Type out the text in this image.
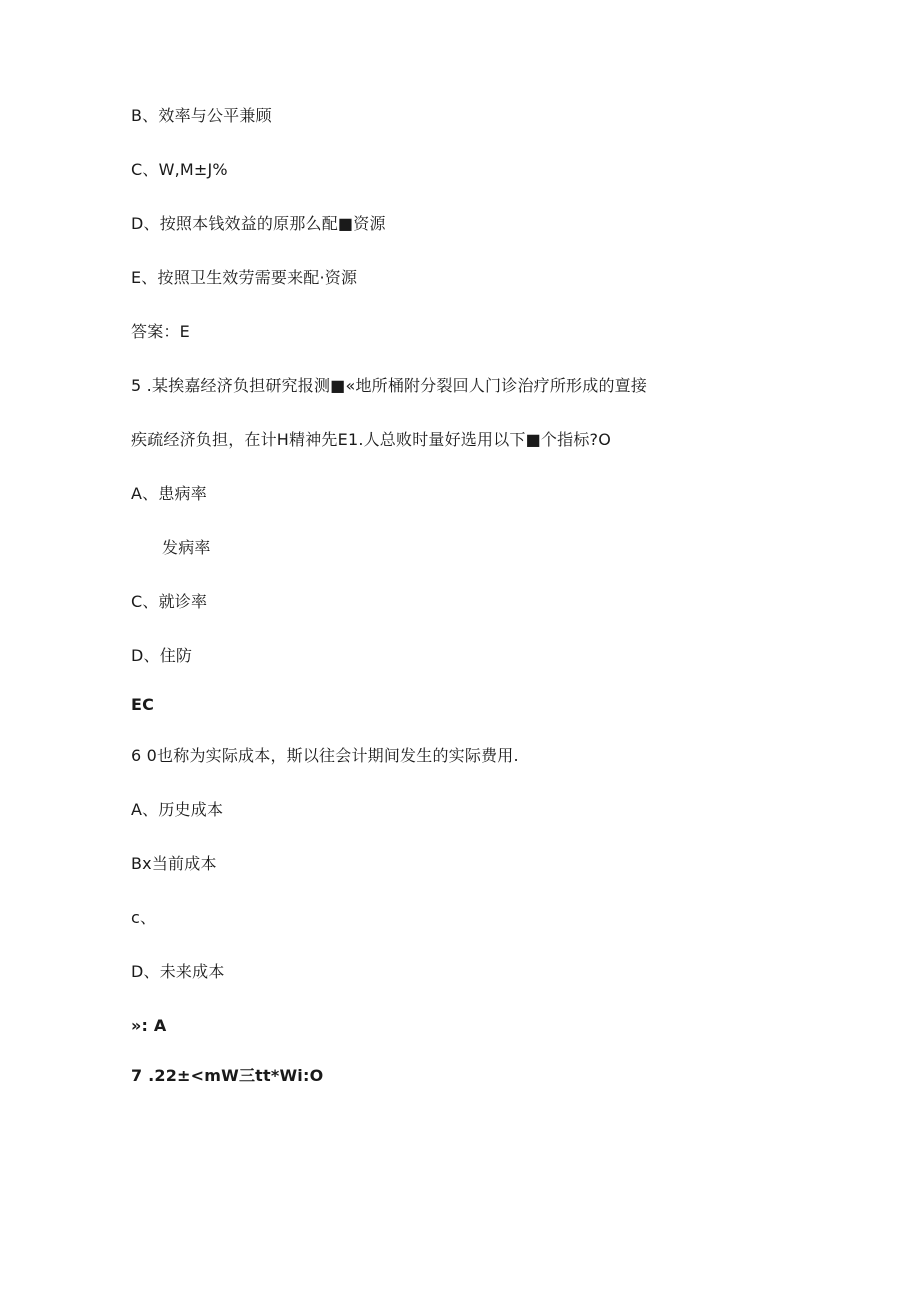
B、效率与公平兼顾
C、W,M±J%
D、按照本钱效益的原那么配■资源
E、按照卫生效劳需要来配·资源
答案：E
5 .某挨嘉经济负担研究报测■«地所桶附分裂回人门诊治疗所形成的亶接
疾疏经济负担，在计H精神先E1.人总败时量好选用以下■个指标?O
A、患病率
发病率
C、就诊率
D、住防
EC
6 0也称为实际成本，斯以往会计期间发生的实际费用.
A、历史成本
Bx当前成本
c、
D、未来成本
»: A
7 .22±<mW三tt*Wi:O
